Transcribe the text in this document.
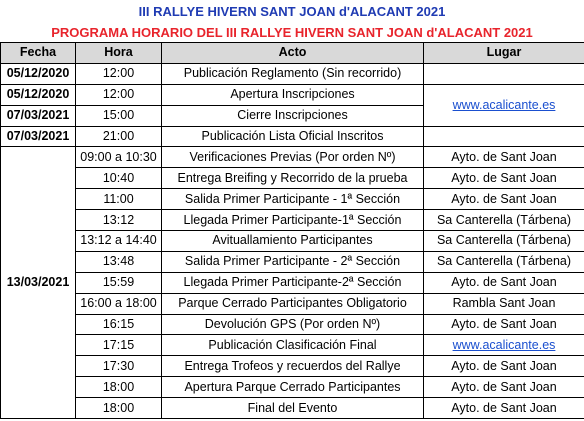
III RALLYE HIVERN SANT JOAN d'ALACANT 2021
PROGRAMA HORARIO DEL III RALLYE HIVERN SANT JOAN d'ALACANT 2021
Fecha	Hora	Acto	Lugar
05/12/2020	12:00	Publicación Reglamento (Sin recorrido)	
05/12/2020	12:00	Apertura Inscripciones	www.acalicante.es
07/03/2021	15:00	Cierre Inscripciones	
07/03/2021	21:00	Publicación Lista Oficial Inscritos	
13/03/2021	09:00 a 10:30	Verificaciones Previas (Por orden Nº)	Ayto. de Sant Joan
	10:40	Entrega Breifing y Recorrido de la prueba	Ayto. de Sant Joan
	11:00	Salida Primer Participante - 1ª Sección	Ayto. de Sant Joan
	13:12	Llegada Primer Participante-1ª Sección	Sa Canterella (Tárbena)
	13:12 a 14:40	Avituallamiento Participantes	Sa Canterella (Tárbena)
	13:48	Salida Primer Participante - 2ª Sección	Sa Canterella (Tárbena)
	15:59	Llegada Primer Participante-2ª Sección	Ayto. de Sant Joan
	16:00 a 18:00	Parque Cerrado Participantes Obligatorio	Rambla Sant Joan
	16:15	Devolución GPS (Por orden Nº)	Ayto. de Sant Joan
	17:15	Publicación Clasificación Final	www.acalicante.es
	17:30	Entrega Trofeos y recuerdos del Rallye	Ayto. de Sant Joan
	18:00	Apertura Parque Cerrado Participantes	Ayto. de Sant Joan
	18:00	Final del Evento	Ayto. de Sant Joan
